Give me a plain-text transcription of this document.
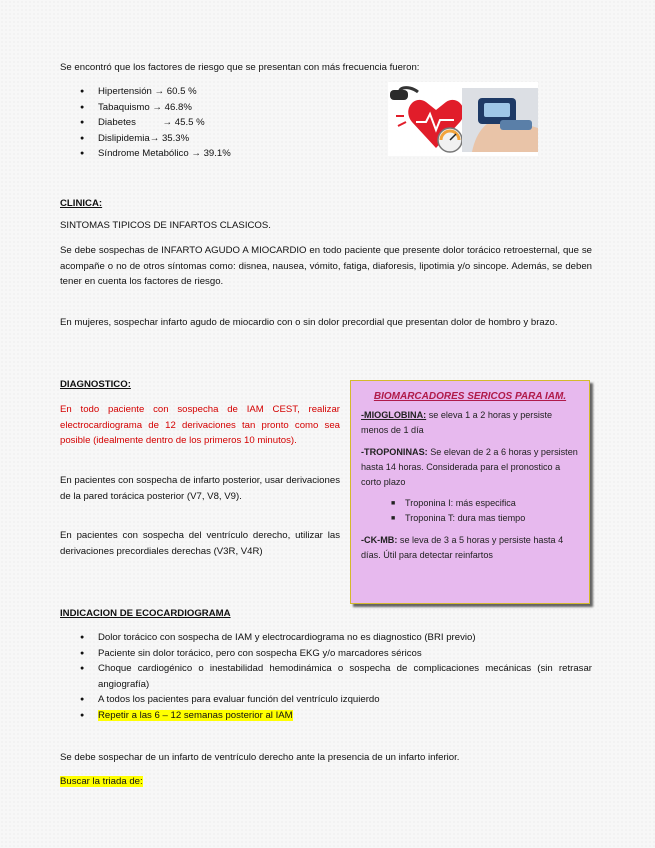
Se encontró que los factores de riesgo que se presentan con más frecuencia fueron:
● Hipertensión → 60.5 %
● Tabaquismo → 46.8%
● Diabetes          → 45.5 %
● Dislipidemia→ 35.3%
● Síndrome Metabólico → 39.1%
CLINICA:
SINTOMAS TIPICOS DE INFARTOS CLASICOS.
Se debe sospechas de INFARTO AGUDO A MIOCARDIO en todo paciente que presente dolor torácico retroesternal, que se acompañe o no de otros síntomas como: disnea, nausea, vómito, fatiga, diaforesis, lipotimia y/o sincope. Además, se deben tener en cuenta los factores de riesgo.
En mujeres, sospechar infarto agudo de miocardio con o sin dolor precordial que presentan dolor de hombro y brazo.
DIAGNOSTICO:
En todo paciente con sospecha de IAM CEST, realizar electrocardiograma de 12 derivaciones tan pronto como sea posible (idealmente dentro de los primeros 10 minutos).
En pacientes con sospecha de infarto posterior, usar derivaciones de la pared torácica posterior (V7, V8, V9).
En pacientes con sospecha del ventrículo derecho, utilizar las derivaciones precordiales derechas (V3R, V4R)
BIOMARCADORES SERICOS PARA IAM.

-MIOGLOBINA: se eleva 1 a 2 horas y persiste menos de 1 día

-TROPONINAS: Se elevan de 2 a 6 horas y persisten hasta 14 horas. Considerada para el pronostico a corto plazo

■ Troponina I: más especifica
■ Troponina T: dura mas tiempo

-CK-MB: se leva de 3 a 5 horas y persiste hasta 4 días. Útil para detectar reinfartos

INDICACION DE ECOCARDIOGRAMA
● Dolor torácico con sospecha de IAM y electrocardiograma no es diagnostico (BRI previo)
● Paciente sin dolor torácico, pero con sospecha EKG y/o marcadores séricos
● Choque cardiogénico o inestabilidad hemodinámica o sospecha de complicaciones mecánicas (sin retrasar angiografía)
● A todos los pacientes para evaluar función del ventrículo izquierdo
● Repetir a las 6 – 12 semanas posterior al IAM
Se debe sospechar de un infarto de ventrículo derecho ante la presencia de un infarto inferior.
Buscar la triada de:
